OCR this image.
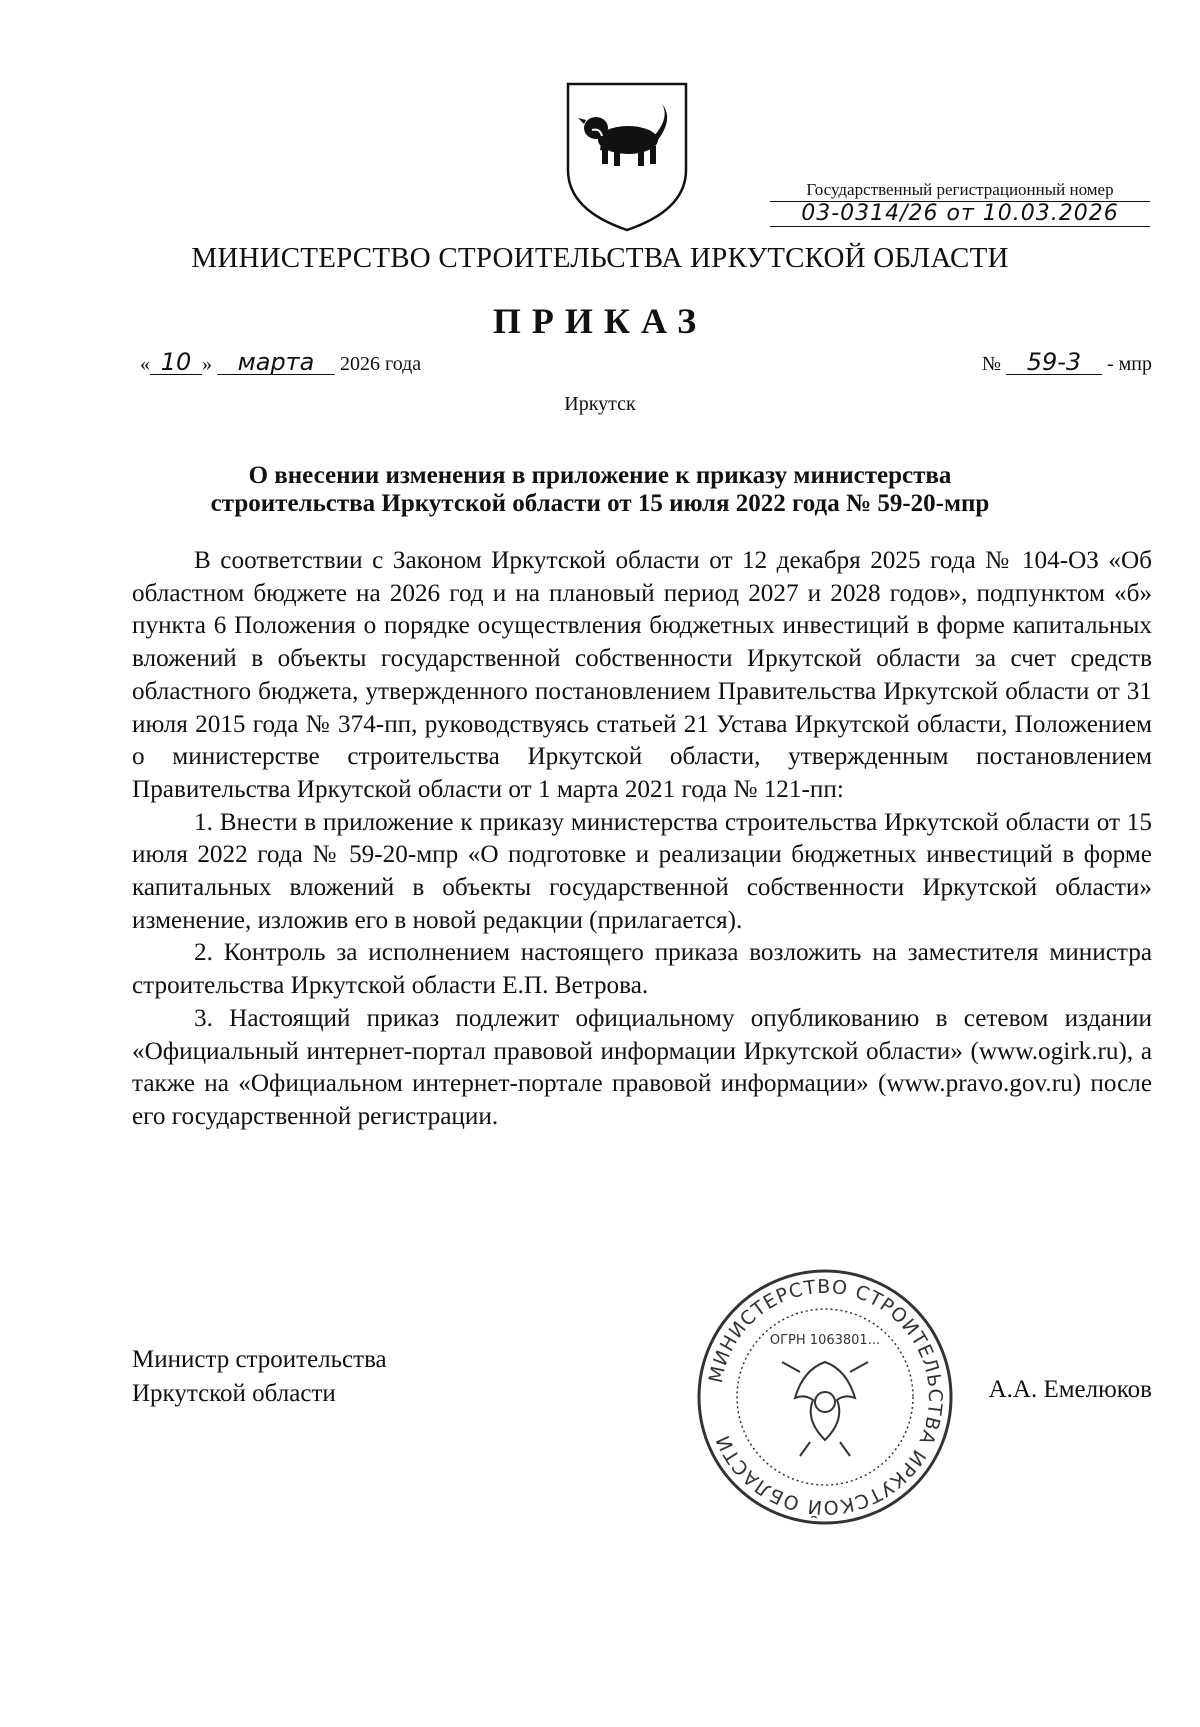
Государственный регистрационный номер
03-0314/26 от 10.03.2026
МИНИСТЕРСТВО СТРОИТЕЛЬСТВА ИРКУТСКОЙ ОБЛАСТИ
ПРИКАЗ
« 10 » марта 2026 года	№ 59-3 - мпр
Иркутск
О внесении изменения в приложение к приказу министерства
строительства Иркутской области от 15 июля 2022 года № 59-20-мпр

В соответствии с Законом Иркутской области от 12 декабря 2025 года № 104-ОЗ «Об областном бюджете на 2026 год и на плановый период 2027 и 2028 годов», подпунктом «б» пункта 6 Положения о порядке осуществления бюджетных инвестиций в форме капитальных вложений в объекты государственной собственности Иркутской области за счет средств областного бюджета, утвержденного постановлением Правительства Иркутской области от 31 июля 2015 года № 374-пп, руководствуясь статьей 21 Устава Иркутской области, Положением о министерстве строительства Иркутской области, утвержденным постановлением Правительства Иркутской области от 1 марта 2021 года № 121-пп:

1. Внести в приложение к приказу министерства строительства Иркутской области от 15 июля 2022 года № 59-20-мпр «О подготовке и реализации бюджетных инвестиций в форме капитальных вложений в объекты государственной собственности Иркутской области» изменение, изложив его в новой редакции (прилагается).

2. Контроль за исполнением настоящего приказа возложить на заместителя министра строительства Иркутской области Е.П. Ветрова.

3. Настоящий приказ подлежит официальному опубликованию в сетевом издании «Официальный интернет-портал правовой информации Иркутской области» (www.ogirk.ru), а также на «Официальном интернет-портале правовой информации» (www.pravo.gov.ru) после его государственной регистрации.

Министр строительства
Иркутской области
МИНИСТЕРСТВО СТРОИТЕЛЬСТВА ИРКУТСКОЙ ОБЛАСТИ
ОГРН 1063801...
А.А. Емелюков
